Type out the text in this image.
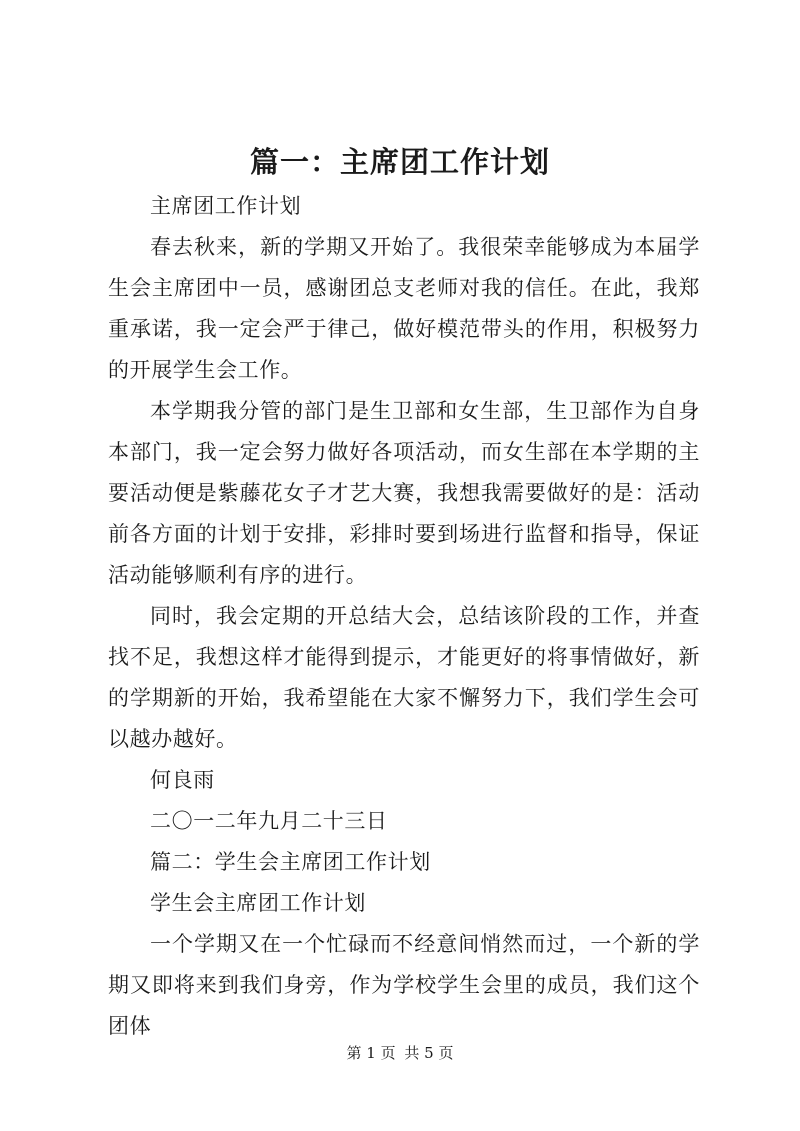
篇一：主席团工作计划

主席团工作计划

春去秋来，新的学期又开始了。我很荣幸能够成为本届学生会主席团中一员，感谢团总支老师对我的信任。在此，我郑重承诺，我一定会严于律己，做好模范带头的作用，积极努力的开展学生会工作。

本学期我分管的部门是生卫部和女生部，生卫部作为自身本部门，我一定会努力做好各项活动，而女生部在本学期的主要活动便是紫藤花女子才艺大赛，我想我需要做好的是：活动前各方面的计划于安排，彩排时要到场进行监督和指导，保证活动能够顺利有序的进行。

同时，我会定期的开总结大会，总结该阶段的工作，并查找不足，我想这样才能得到提示，才能更好的将事情做好，新的学期新的开始，我希望能在大家不懈努力下，我们学生会可以越办越好。

何良雨

二〇一二年九月二十三日

篇二：学生会主席团工作计划

学生会主席团工作计划

一个学期又在一个忙碌而不经意间悄然而过，一个新的学期又即将来到我们身旁，作为学校学生会里的成员，我们这个团体

第 1 页 共 5 页
